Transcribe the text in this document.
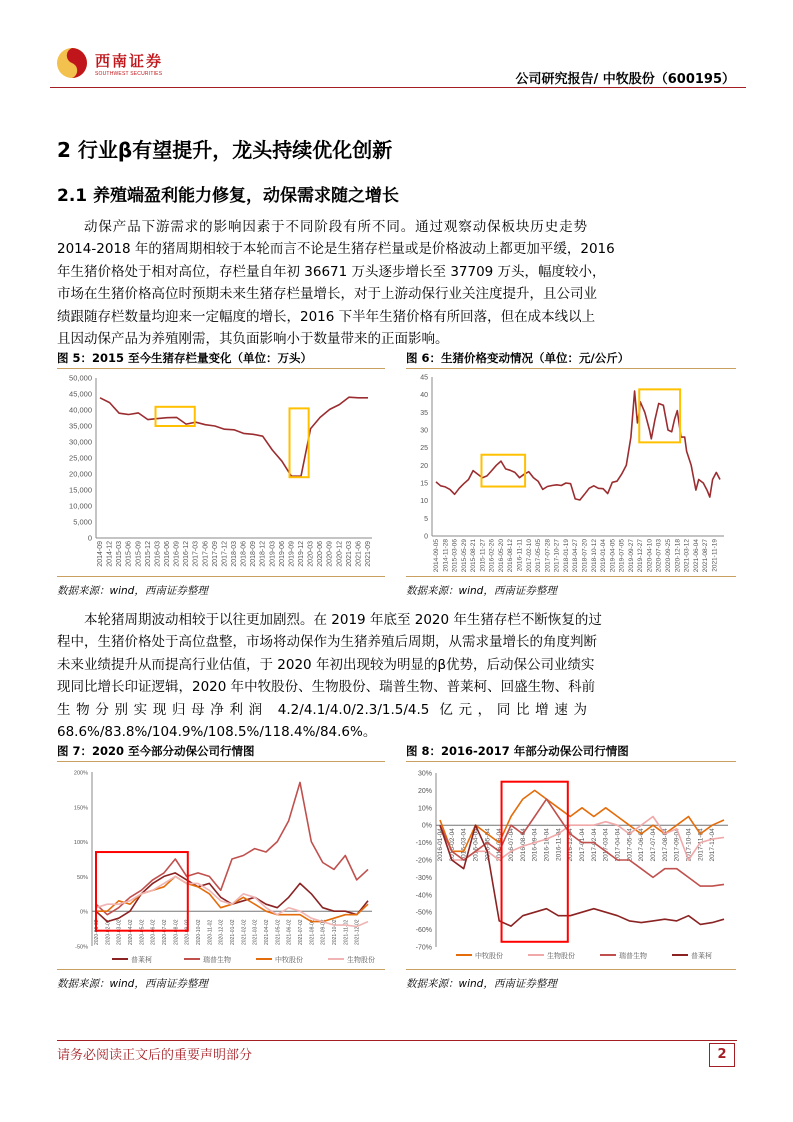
西南证券
SOUTHWEST SECURITIES	公司研究报告/ 中牧股份（600195）
2 行业β有望提升，龙头持续优化创新
2.1 养殖端盈利能力修复，动保需求随之增长
动保产品下游需求的影响因素于不同阶段有所不同。通过观察动保板块历史走势
2014-2018 年的猪周期相较于本轮而言不论是生猪存栏量或是价格波动上都更加平缓，2016
年生猪价格处于相对高位，存栏量自年初 36671 万头逐步增长至 37709 万头，幅度较小，
市场在生猪价格高位时预期未来生猪存栏量增长，对于上游动保行业关注度提升，且公司业
绩跟随存栏数量均迎来一定幅度的增长，2016 下半年生猪价格有所回落，但在成本线以上
且因动保产品为养殖刚需，其负面影响小于数量带来的正面影响。
图 5：2015 至今生猪存栏量变化（单位：万头）	图 6：生猪价格变动情况（单位：元/公斤）
0
5,000
10,000
15,000
20,000
25,000
30,000
35,000
40,000
45,000
50,000
2014-09 2014-12 2015-03 2015-06 2015-09 2015-12 2016-03 2016-06 2016-09 2016-12 2017-03 2017-06 2017-09 2017-12 2018-03 2018-06 2018-09 2018-12 2019-03 2019-06 2019-09 2019-12 2020-03 2020-06 2020-09 2020-12 2021-03 2021-06 2021-09
0
5
10
15
20
25
30
35
40
45
2014-09-05 2014-11-28 2015-03-06 2015-05-29 2015-08-21 2015-11-27 2016-02-26 2016-05-20 2016-08-12 2016-11-11 2017-02-10 2017-05-05 2017-07-28 2017-10-27 2018-01-19 2018-04-27 2018-07-20 2018-10-12 2019-01-04 2019-04-05 2019-07-05 2019-09-27 2019-12-27 2020-04-10 2020-07-03 2020-09-25 2020-12-18 2021-03-12 2021-06-04 2021-08-27 2021-11-19
数据来源：wind，西南证券整理	数据来源：wind，西南证券整理
本轮猪周期波动相较于以往更加剧烈。在 2019 年底至 2020 年生猪存栏不断恢复的过
程中，生猪价格处于高位盘整，市场将动保作为生猪养殖后周期，从需求量增长的角度判断
未来业绩提升从而提高行业估值，于 2020 年初出现较为明显的β优势，后动保公司业绩实
现同比增长印证逻辑，2020 年中牧股份、生物股份、瑞普生物、普莱柯、回盛生物、科前
生物分别实现归母净利润 4.2/4.1/4.0/2.3/1.5/4.5 亿元，同比增速为
68.6%/83.8%/104.9%/108.5%/118.4%/84.6%。
图 7：2020 至今部分动保公司行情图	图 8：2016-2017 年部分动保公司行情图
-50%
0%
50%
100%
150%
200%
2020-01-02 2020-02-02 2020-03-02 2020-04-02 2020-05-02 2020-06-02 2020-07-02 2020-08-02 2020-09-02 2020-10-02 2020-11-02 2020-12-02 2021-01-02 2021-02-02 2021-03-02 2021-04-02 2021-05-02 2021-06-02 2021-07-02 2021-08-02 2021-09-02 2021-10-02 2021-11-02 2021-12-02
普莱柯	瑞普生物	中牧股份	生物股份
-70%
-60%
-50%
-40%
-30%
-20%
-10%
0%
10%
20%
30%
2016-01-04 2016-02-04 2016-03-04 2016-04-04 2016-05-04 2016-06-04 2016-07-04 2016-08-04 2016-09-04 2016-10-04 2016-11-04 2016-12-04 2017-01-04 2017-02-04 2017-03-04 2017-04-04 2017-05-04 2017-06-04 2017-07-04 2017-08-04 2017-09-04 2017-10-04 2017-11-04 2017-12-04
中牧股份	生物股份	瑞普生物	普莱柯
数据来源：wind，西南证券整理	数据来源：wind，西南证券整理
请务必阅读正文后的重要声明部分	2
